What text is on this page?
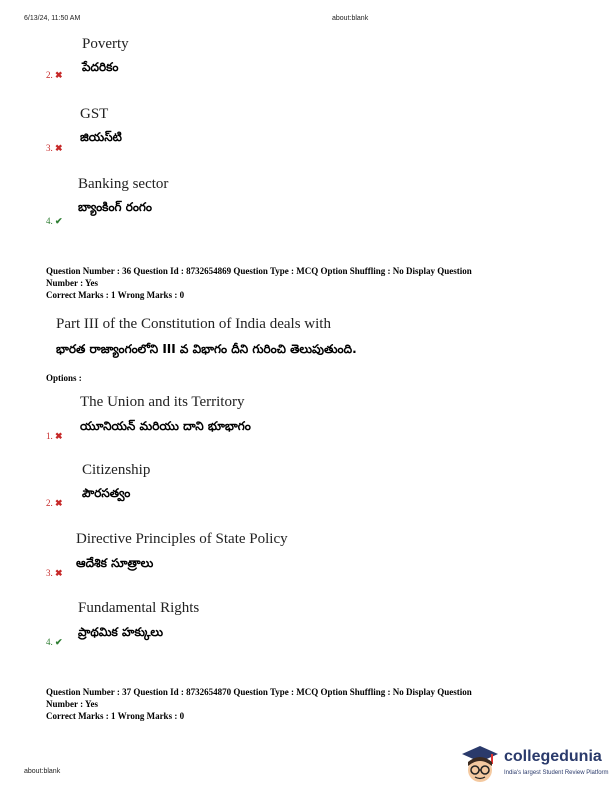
6/13/24, 11:50 AM	about:blank
Poverty
2. ✖
పేదరికం
GST
3. ✖
జియస్‌టి
Banking sector
4. ✔
బ్యాంకింగ్ రంగం
Question Number : 36 Question Id : 8732654869 Question Type : MCQ Option Shuffling : No Display Question
Number : Yes
Correct Marks : 1 Wrong Marks : 0
Part III of the Constitution of India deals with
భారత రాజ్యాంగంలోని III వ విభాగం దీని గురించి తెలుపుతుంది.
Options :
The Union and its Territory
1. ✖
యూనియన్ మరియు దాని భూభాగం
Citizenship
2. ✖
పౌరసత్వం
Directive Principles of State Policy
3. ✖
ఆదేశిక సూత్రాలు
Fundamental Rights
4. ✔
ప్రాథమిక హక్కులు
Question Number : 37 Question Id : 8732654870 Question Type : MCQ Option Shuffling : No Display Question
Number : Yes
Correct Marks : 1 Wrong Marks : 0
about:blank
collegedunia
India's largest Student Review Platform
